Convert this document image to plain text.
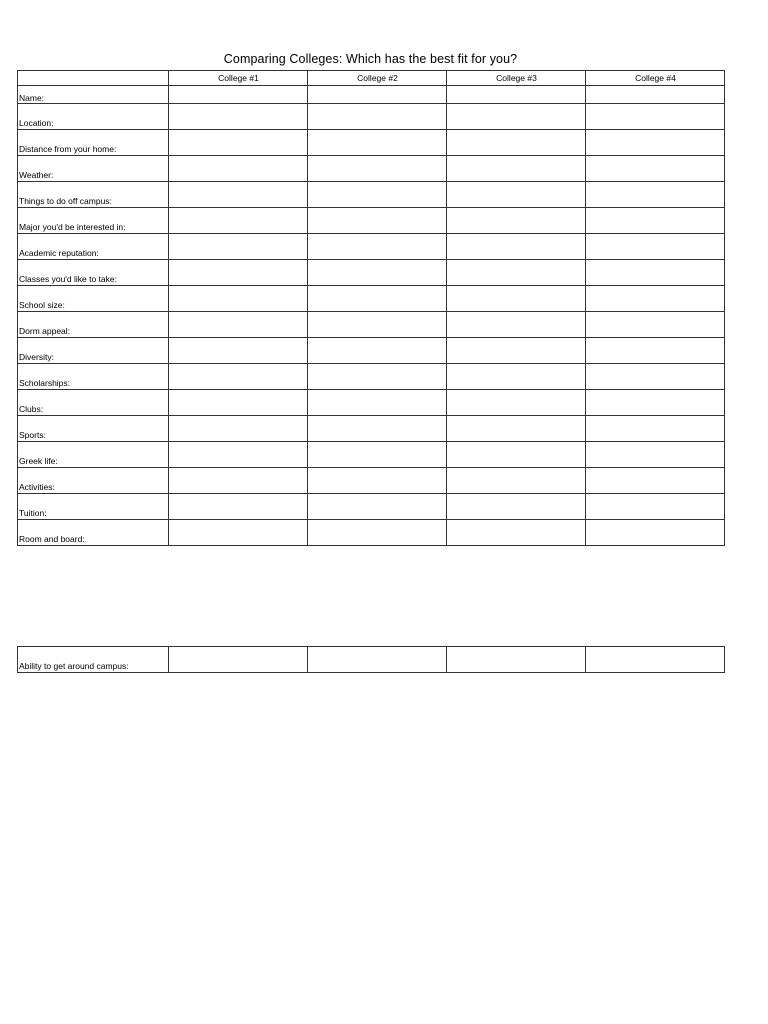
Comparing Colleges: Which has the best fit for you?
	College #1	College #2	College #3	College #4
Name:				
Location:				
Distance from your home:				
Weather:				
Things to do off campus:				
Major you'd be interested in:				
Academic reputation:				
Classes you'd like to take:				
School size:				
Dorm appeal:				
Diversity:				
Scholarships:				
Clubs:				
Sports:				
Greek life:				
Activities:				
Tuition:				
Room and board:				
Ability to get around campus:				
